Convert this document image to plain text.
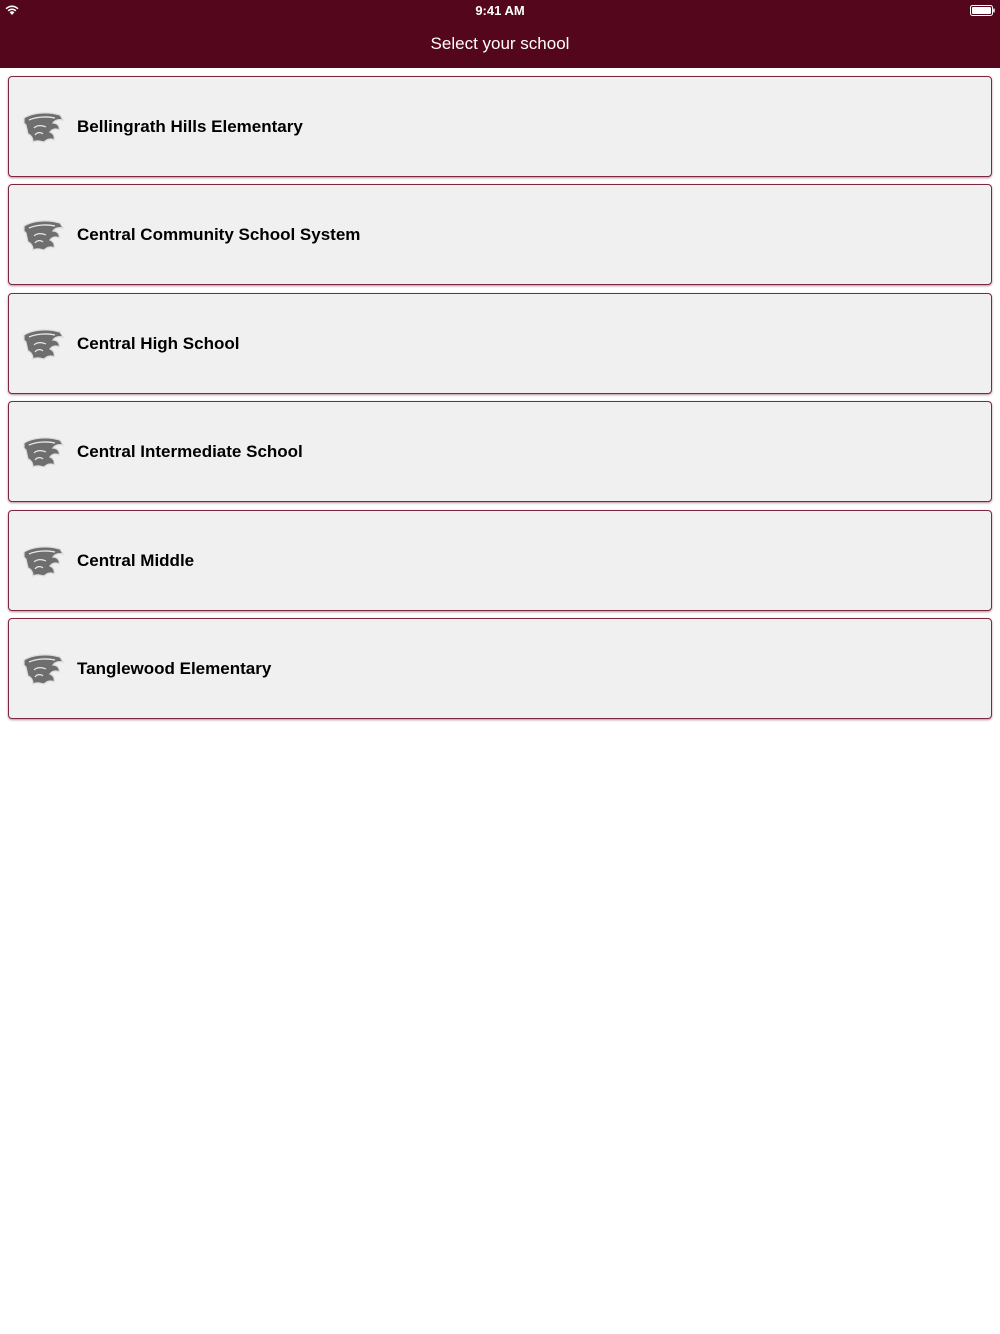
9:41 AM
Select your school
Bellingrath Hills Elementary
Central Community School System
Central High School
Central Intermediate School
Central Middle
Tanglewood Elementary
